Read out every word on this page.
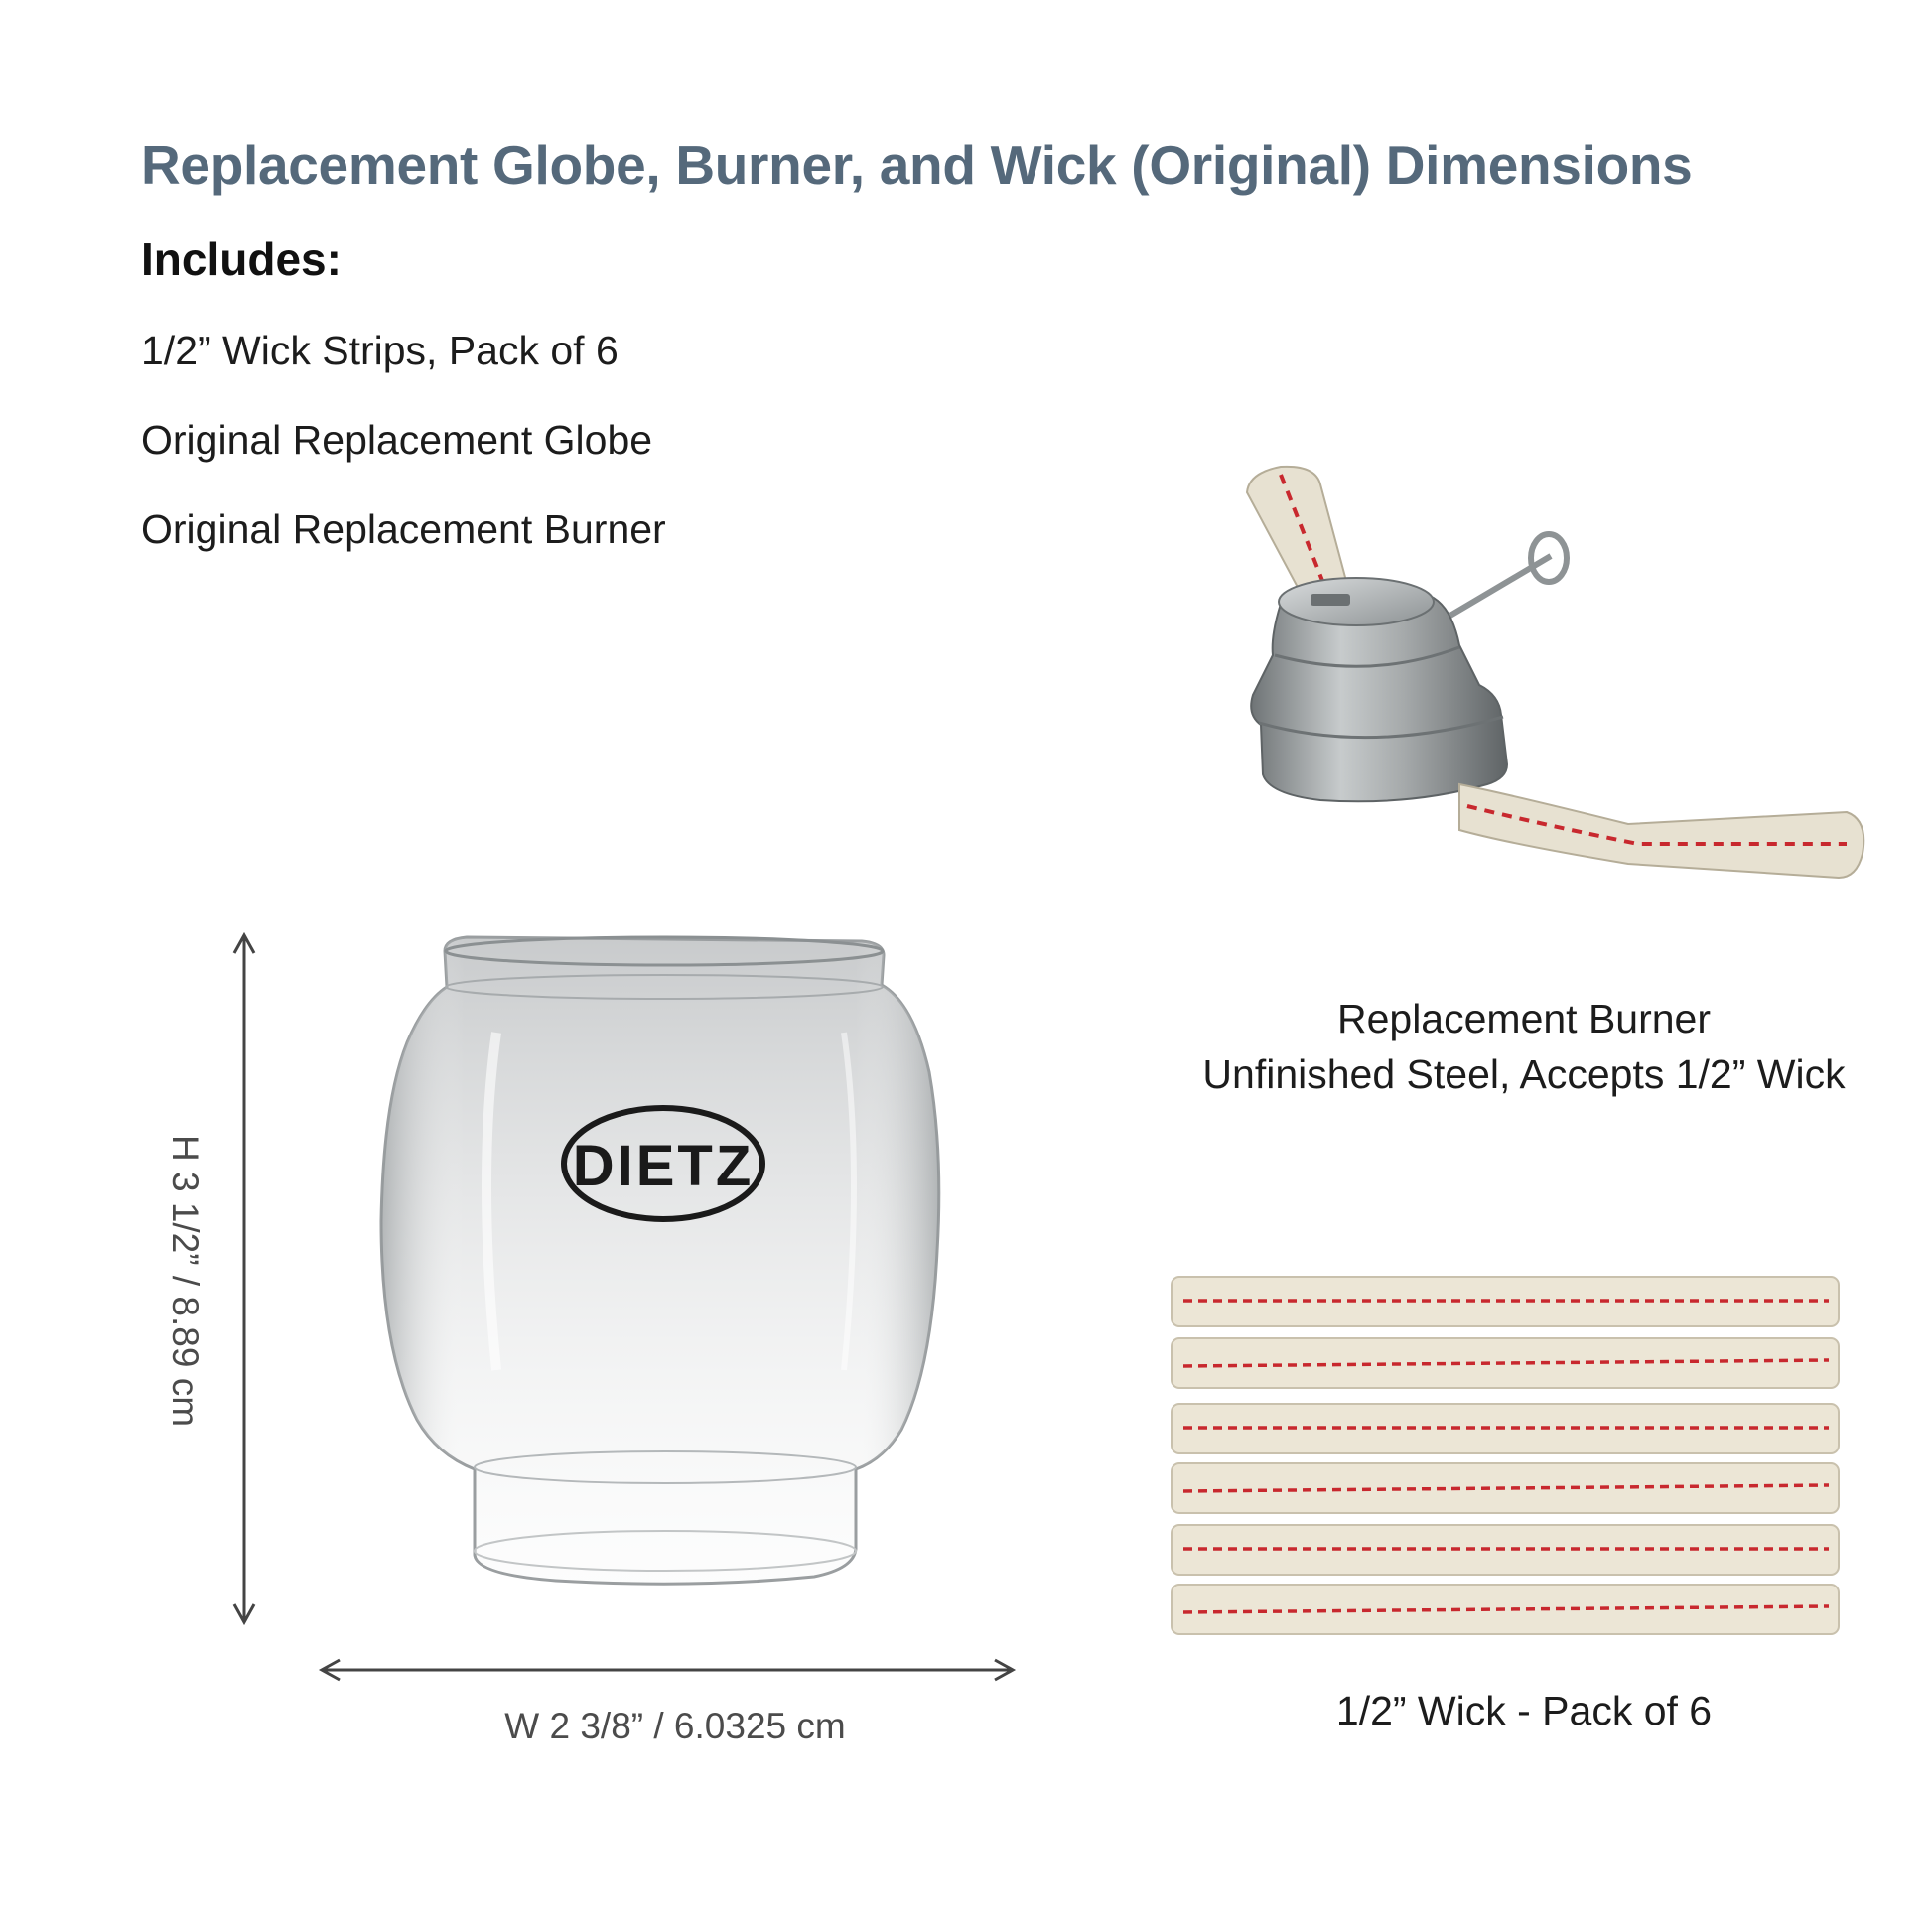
Replacement Globe, Burner, and Wick (Original) Dimensions
Includes:
1/2” Wick Strips, Pack of 6
Original Replacement Globe
Original Replacement Burner
DIETZ
Replacement Burner
Unfinished Steel, Accepts 1/2” Wick
1/2” Wick - Pack of 6
W 2 3/8” / 6.0325 cm
H 3 1/2” / 8.89 cm
